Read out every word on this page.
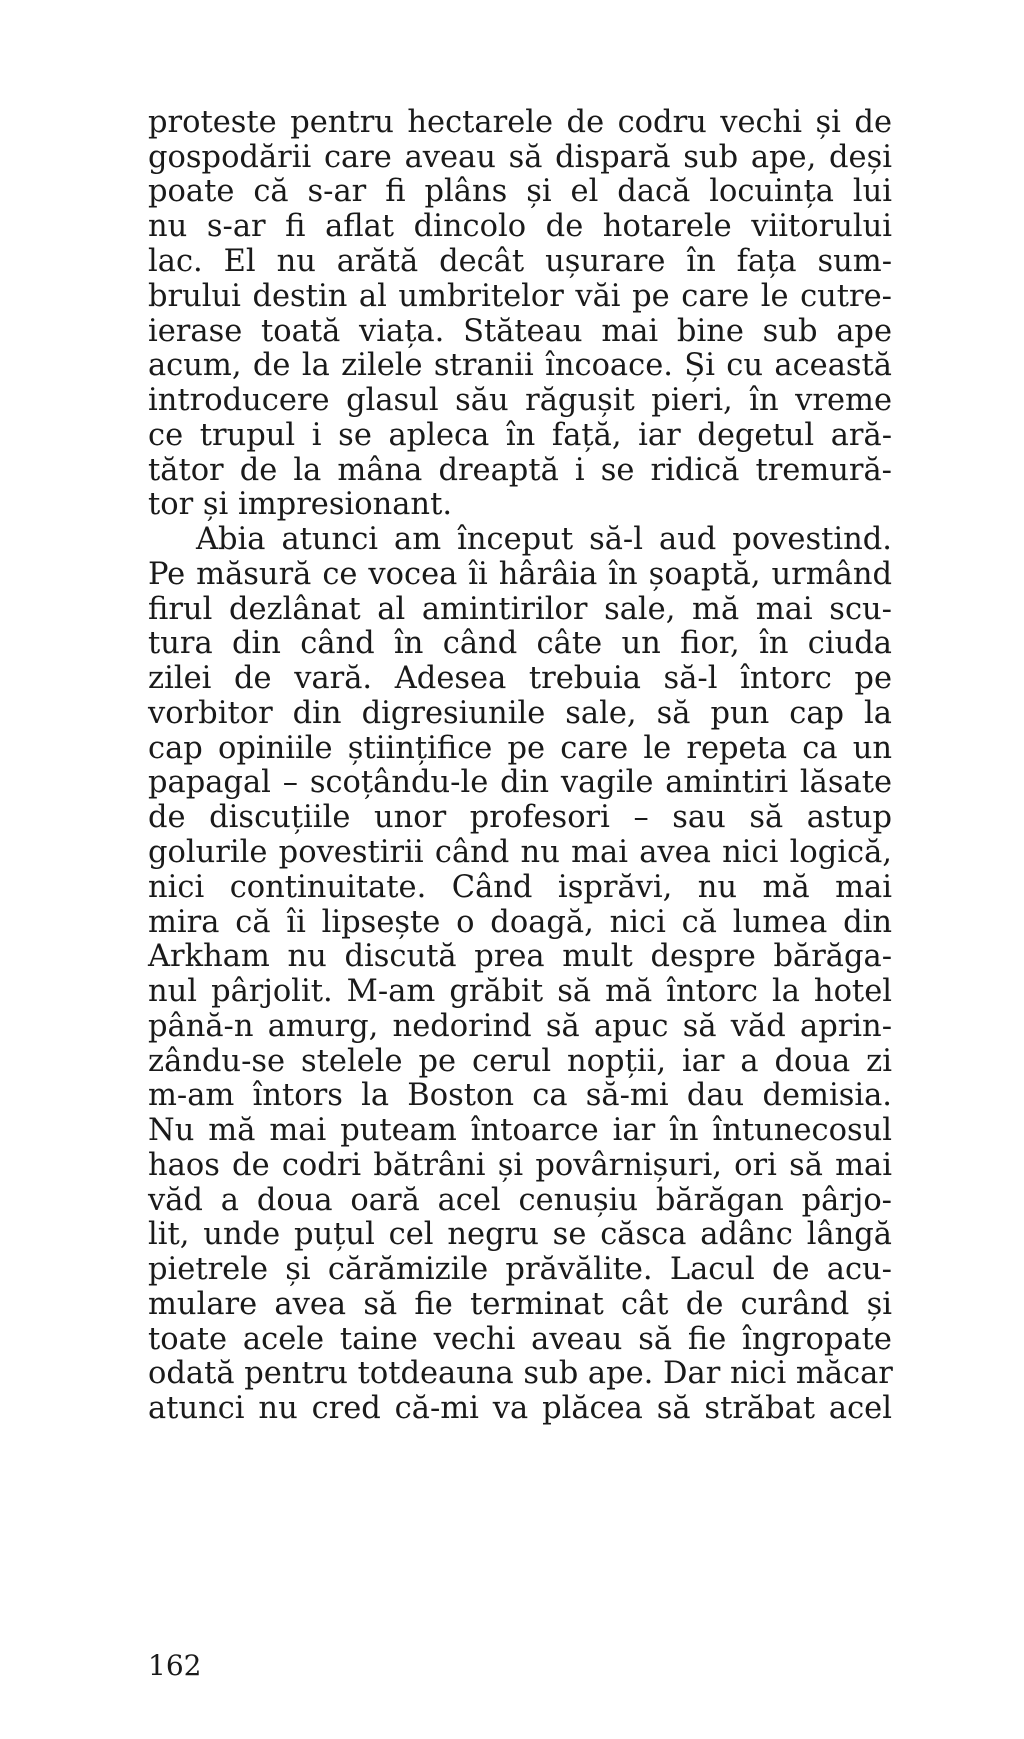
proteste pentru hectarele de codru vechi și de
gospodării care aveau să dispară sub ape, deși
poate că s-ar fi plâns și el dacă locuința lui
nu s-ar fi aflat dincolo de hotarele viitorului
lac. El nu arătă decât ușurare în fața sum-
brului destin al umbritelor văi pe care le cutre-
ierase toată viața. Stăteau mai bine sub ape
acum, de la zilele stranii încoace. Și cu această
introducere glasul său răgușit pieri, în vreme
ce trupul i se apleca în față, iar degetul ară-
tător de la mâna dreaptă i se ridică tremură-
tor și impresionant.
Abia atunci am început să-l aud povestind.
Pe măsură ce vocea îi hârâia în șoaptă, urmând
firul dezlânat al amintirilor sale, mă mai scu-
tura din când în când câte un fior, în ciuda
zilei de vară. Adesea trebuia să-l întorc pe
vorbitor din digresiunile sale, să pun cap la
cap opiniile științifice pe care le repeta ca un
papagal – scoțându-le din vagile amintiri lăsate
de discuțiile unor profesori – sau să astup
golurile povestirii când nu mai avea nici logică,
nici continuitate. Când isprăvi, nu mă mai
mira că îi lipsește o doagă, nici că lumea din
Arkham nu discută prea mult despre bărăga-
nul pârjolit. M-am grăbit să mă întorc la hotel
până-n amurg, nedorind să apuc să văd aprin-
zându-se stelele pe cerul nopții, iar a doua zi
m-am întors la Boston ca să-mi dau demisia.
Nu mă mai puteam întoarce iar în întunecosul
haos de codri bătrâni și povârnișuri, ori să mai
văd a doua oară acel cenușiu bărăgan pârjo-
lit, unde puțul cel negru se căsca adânc lângă
pietrele și cărămizile prăvălite. Lacul de acu-
mulare avea să fie terminat cât de curând și
toate acele taine vechi aveau să fie îngropate
odată pentru totdeauna sub ape. Dar nici măcar
atunci nu cred că-mi va plăcea să străbat acel
162
